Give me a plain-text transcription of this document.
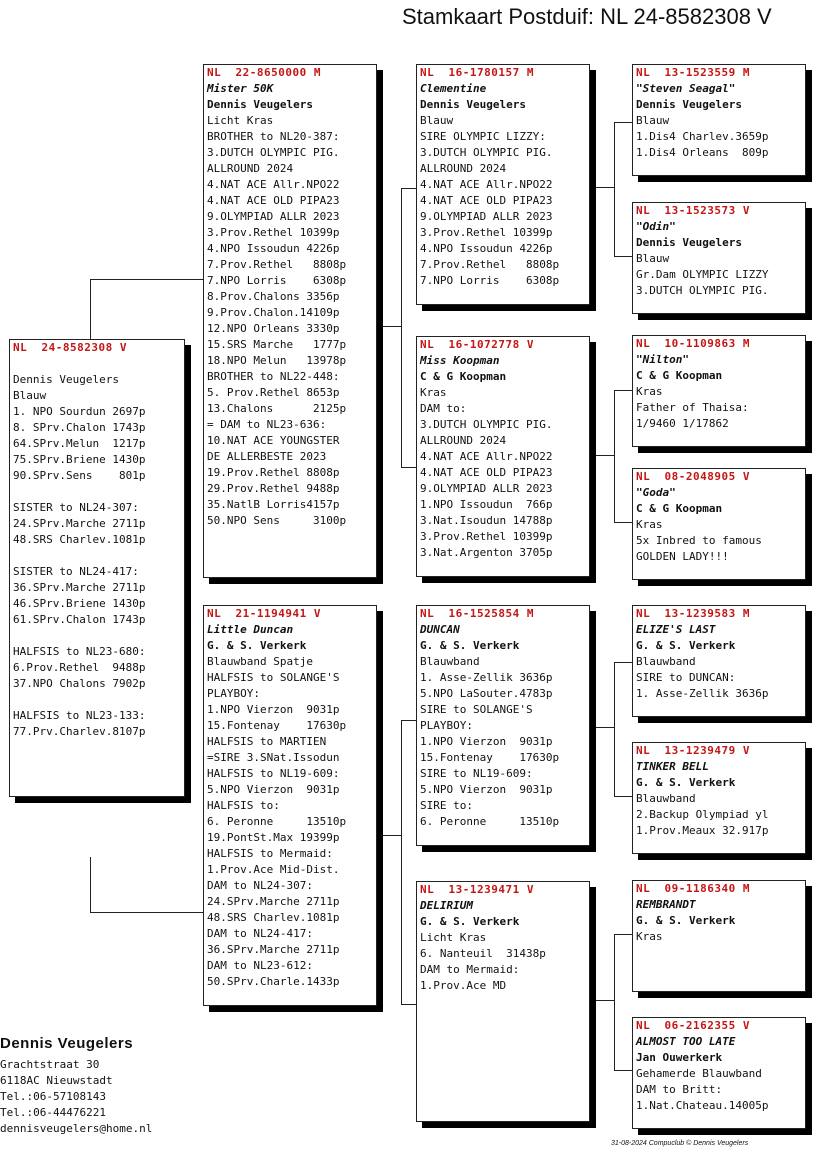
Stamkaart Postduif: NL 24-8582308 V
NL  24-8582308 V
Dennis Veugelers
Blauw
1. NPO Sourdun 2697p
8. SPrv.Chalon 1743p
64.SPrv.Melun  1217p
75.SPrv.Briene 1430p
90.SPrv.Sens    801p
SISTER to NL24-307:
24.SPrv.Marche 2711p
48.SRS Charlev.1081p
SISTER to NL24-417:
36.SPrv.Marche 2711p
46.SPrv.Briene 1430p
61.SPrv.Chalon 1743p
HALFSIS to NL23-680:
6.Prov.Rethel  9488p
37.NPO Chalons 7902p
HALFSIS to NL23-133:
77.Prv.Charlev.8107p
NL  22-8650000 M
Mister 50K
Dennis Veugelers
Licht Kras
BROTHER to NL20-387:
3.DUTCH OLYMPIC PIG.
ALLROUND 2024
4.NAT ACE Allr.NPO22
4.NAT ACE OLD PIPA23
9.OLYMPIAD ALLR 2023
3.Prov.Rethel 10399p
4.NPO Issoudun 4226p
7.Prov.Rethel   8808p
7.NPO Lorris    6308p
8.Prov.Chalons 3356p
9.Prov.Chalon.14109p
12.NPO Orleans 3330p
15.SRS Marche   1777p
18.NPO Melun   13978p
BROTHER to NL22-448:
5. Prov.Rethel 8653p
13.Chalons      2125p
= DAM to NL23-636:
10.NAT ACE YOUNGSTER
DE ALLERBESTE 2023
19.Prov.Rethel 8808p
29.Prov.Rethel 9488p
35.NatlB Lorris4157p
50.NPO Sens     3100p
NL  21-1194941 V
Little Duncan
G. & S. Verkerk
Blauwband Spatje
HALFSIS to SOLANGE'S
PLAYBOY:
1.NPO Vierzon  9031p
15.Fontenay    17630p
HALFSIS to MARTIEN
=SIRE 3.SNat.Issodun
HALFSIS to NL19-609:
5.NPO Vierzon  9031p
HALFSIS to:
6. Peronne     13510p
19.PontSt.Max 19399p
HALFSIS to Mermaid:
1.Prov.Ace Mid-Dist.
DAM to NL24-307:
24.SPrv.Marche 2711p
48.SRS Charlev.1081p
DAM to NL24-417:
36.SPrv.Marche 2711p
DAM to NL23-612:
50.SPrv.Charle.1433p
NL  16-1780157 M
Clementine
Dennis Veugelers
Blauw
SIRE OLYMPIC LIZZY:
3.DUTCH OLYMPIC PIG.
ALLROUND 2024
4.NAT ACE Allr.NPO22
4.NAT ACE OLD PIPA23
9.OLYMPIAD ALLR 2023
3.Prov.Rethel 10399p
4.NPO Issoudun 4226p
7.Prov.Rethel   8808p
7.NPO Lorris    6308p
NL  16-1072778 V
Miss Koopman
C & G Koopman
Kras
DAM to:
3.DUTCH OLYMPIC PIG.
ALLROUND 2024
4.NAT ACE Allr.NPO22
4.NAT ACE OLD PIPA23
9.OLYMPIAD ALLR 2023
1.NPO Issoudun  766p
3.Nat.Isoudun 14788p
3.Prov.Rethel 10399p
3.Nat.Argenton 3705p
NL  16-1525854 M
DUNCAN
G. & S. Verkerk
Blauwband
1. Asse-Zellik 3636p
5.NPO LaSouter.4783p
SIRE to SOLANGE'S
PLAYBOY:
1.NPO Vierzon  9031p
15.Fontenay    17630p
SIRE to NL19-609:
5.NPO Vierzon  9031p
SIRE to:
6. Peronne     13510p
NL  13-1239471 V
DELIRIUM
G. & S. Verkerk
Licht Kras
6. Nanteuil  31438p
DAM to Mermaid:
1.Prov.Ace MD
NL  13-1523559 M
"Steven Seagal"
Dennis Veugelers
Blauw
1.Dis4 Charlev.3659p
1.Dis4 Orleans  809p
NL  13-1523573 V
"Odin"
Dennis Veugelers
Blauw
Gr.Dam OLYMPIC LIZZY
3.DUTCH OLYMPIC PIG.
NL  10-1109863 M
"Nilton"
C & G Koopman
Kras
Father of Thaisa:
1/9460 1/17862
NL  08-2048905 V
"Goda"
C & G Koopman
Kras
5x Inbred to famous
GOLDEN LADY!!!
NL  13-1239583 M
ELIZE'S LAST
G. & S. Verkerk
Blauwband
SIRE to DUNCAN:
1. Asse-Zellik 3636p
NL  13-1239479 V
TINKER BELL
G. & S. Verkerk
Blauwband
2.Backup Olympiad yl
1.Prov.Meaux 32.917p
NL  09-1186340 M
REMBRANDT
G. & S. Verkerk
Kras
NL  06-2162355 V
ALMOST TOO LATE
Jan Ouwerkerk
Gehamerde Blauwband
DAM to Britt:
1.Nat.Chateau.14005p
Dennis Veugelers
Grachtstraat 30
6118AC Nieuwstadt
Tel.:06-57108143
Tel.:06-44476221
dennisveugelers@home.nl
31-08-2024 Compuclub © Dennis Veugelers
